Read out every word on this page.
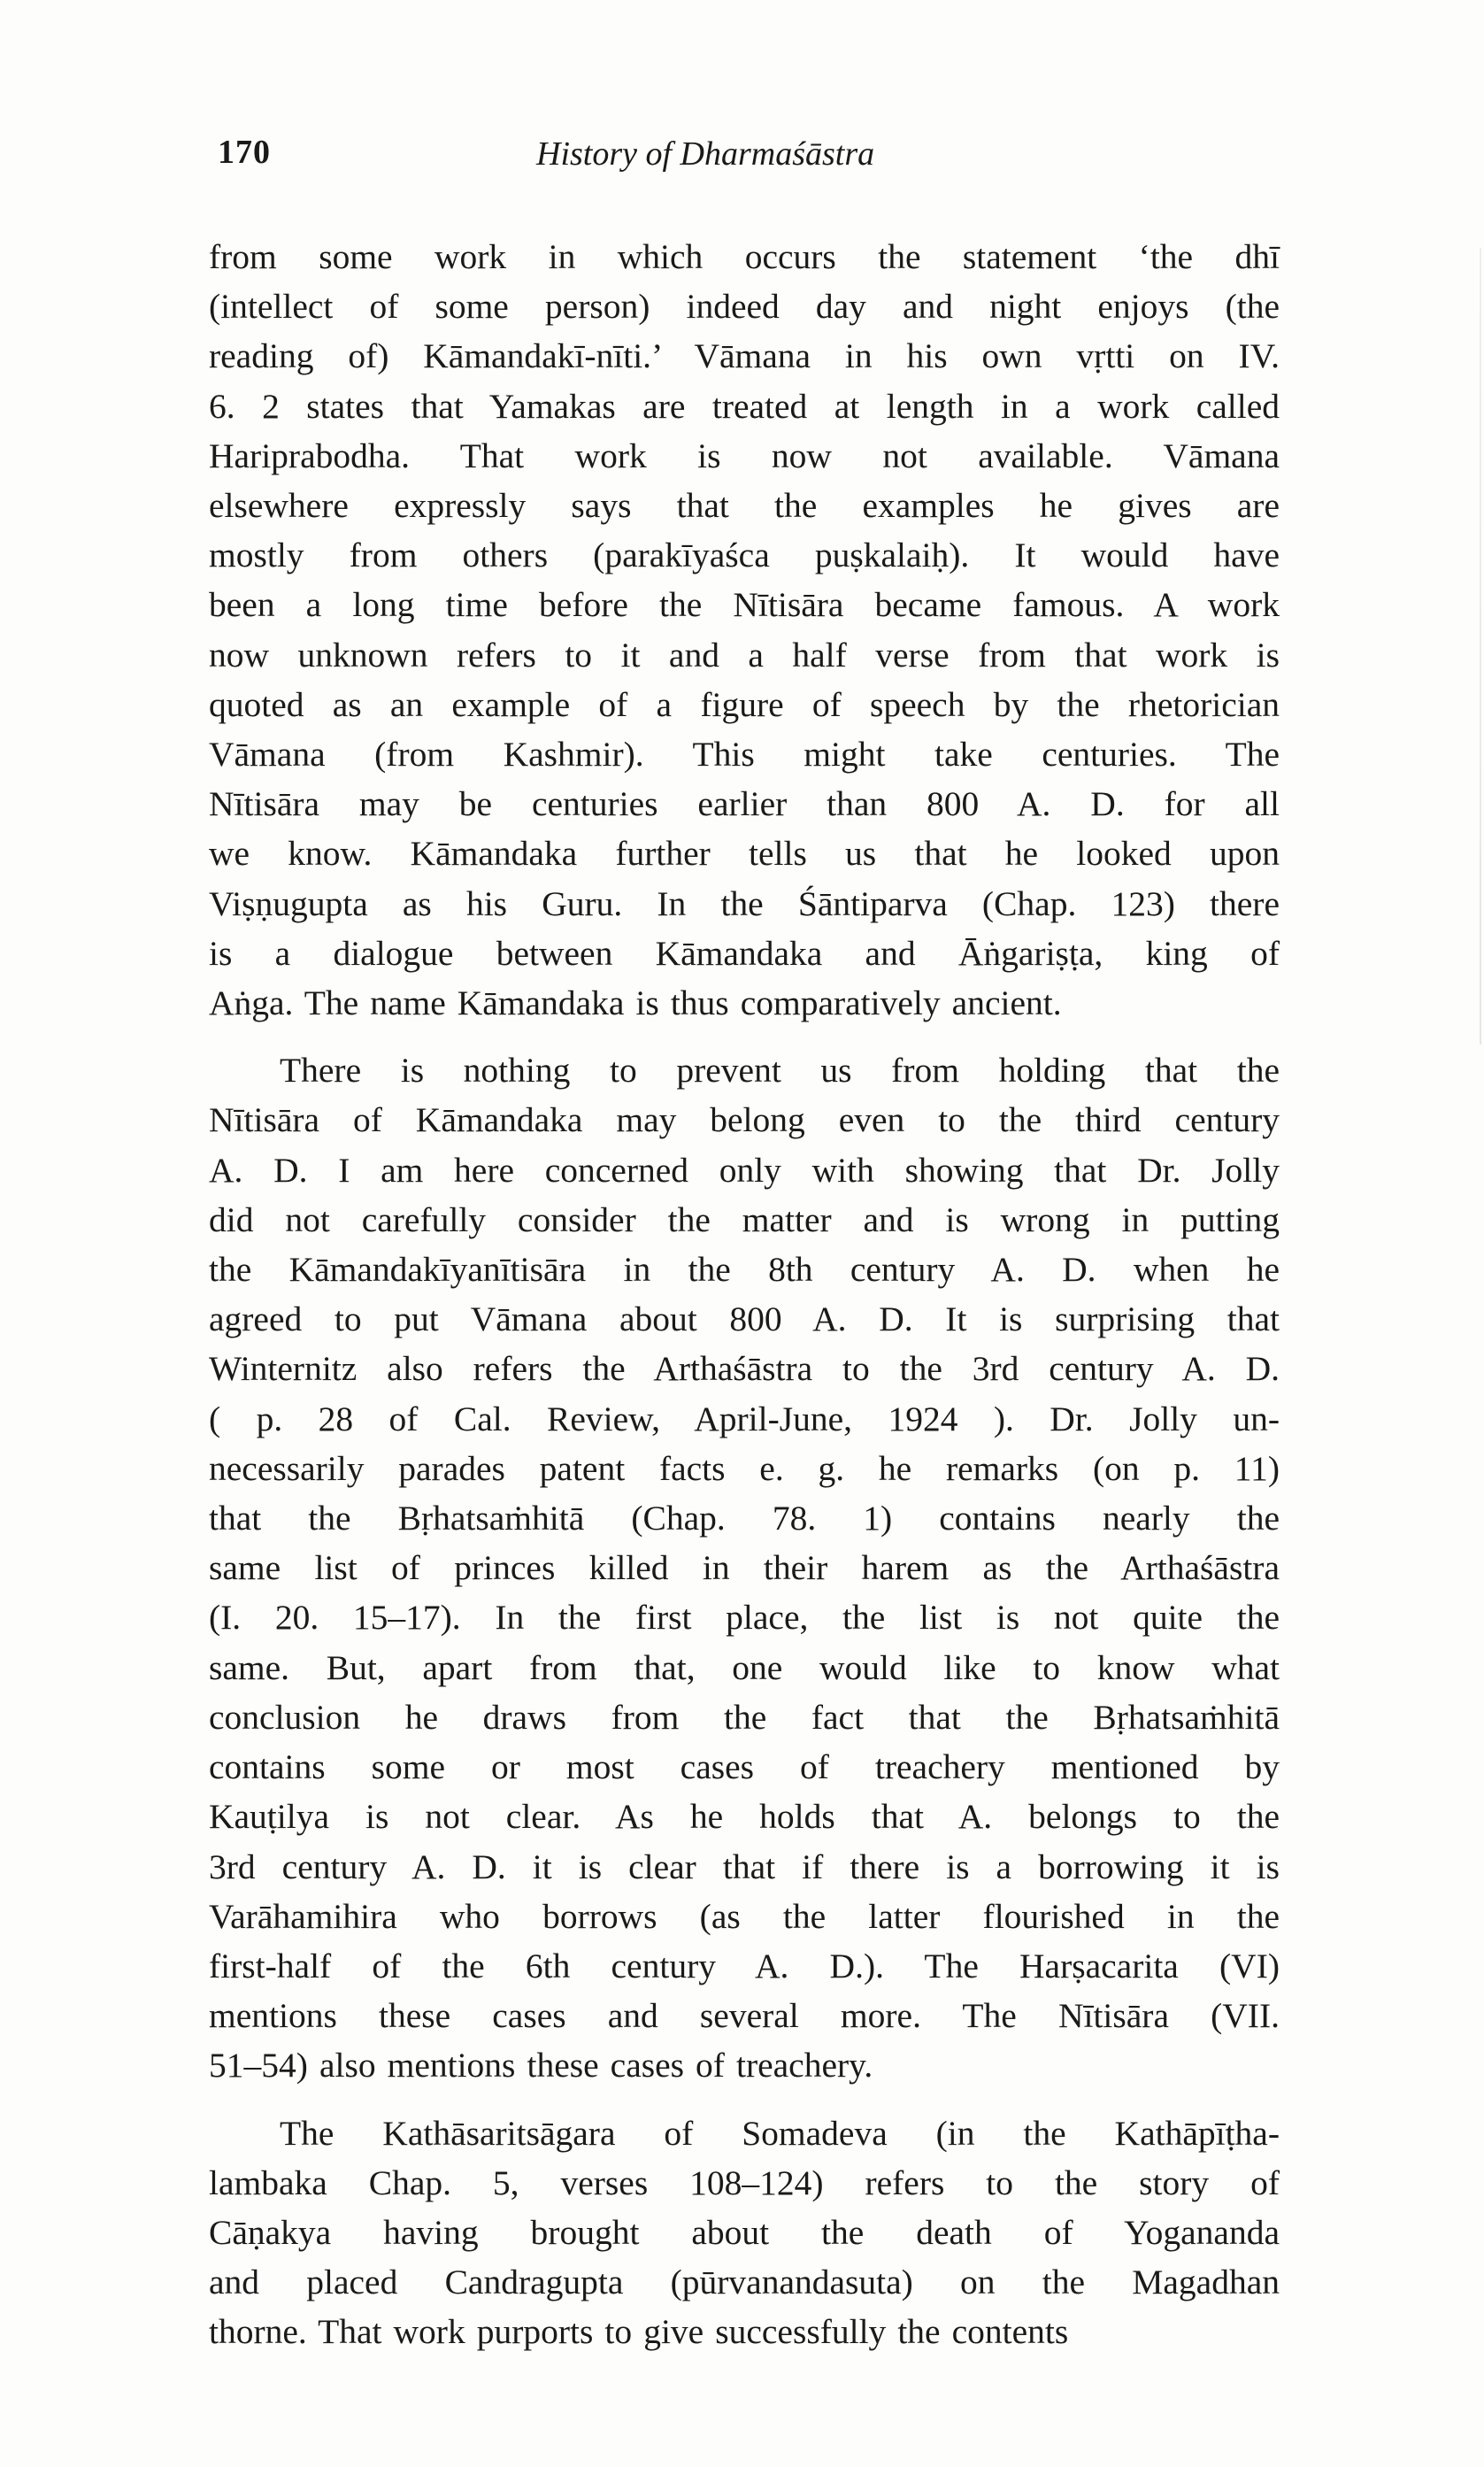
170	History of Dharmaśāstra
from some work in which occurs the statement ‘the dhī
(intellect of some person) indeed day and night enjoys (the
reading of) Kāmandakī-nīti.’ Vāmana in his own vṛtti on IV.
6. 2 states that Yamakas are treated at length in a work called
Hariprabodha. That work is now not available. Vāmana
elsewhere expressly says that the examples he gives are
mostly from others (parakīyaśca puṣkalaiḥ). It would have
been a long time before the Nītisāra became famous. A work
now unknown refers to it and a half verse from that work is
quoted as an example of a figure of speech by the rhetorician
Vāmana (from Kashmir). This might take centuries. The
Nītisāra may be centuries earlier than 800 A. D. for all
we know. Kāmandaka further tells us that he looked upon
Viṣṇugupta as his Guru. In the Śāntiparva (Chap. 123) there
is a dialogue between Kāmandaka and Āṅgariṣṭa, king of
Aṅga. The name Kāmandaka is thus comparatively ancient.
There is nothing to prevent us from holding that the
Nītisāra of Kāmandaka may belong even to the third century
A. D. I am here concerned only with showing that Dr. Jolly
did not carefully consider the matter and is wrong in putting
the Kāmandakīyanītisāra in the 8th century A. D. when he
agreed to put Vāmana about 800 A. D. It is surprising that
Winternitz also refers the Arthaśāstra to the 3rd century A. D.
( p. 28 of Cal. Review, April-June, 1924 ). Dr. Jolly un-
necessarily parades patent facts e. g. he remarks (on p. 11)
that the Bṛhatsaṁhitā (Chap. 78. 1) contains nearly the
same list of princes killed in their harem as the Arthaśāstra
(I. 20. 15–17). In the first place, the list is not quite the
same. But, apart from that, one would like to know what
conclusion he draws from the fact that the Bṛhatsaṁhitā
contains some or most cases of treachery mentioned by
Kauṭilya is not clear. As he holds that A. belongs to the
3rd century A. D. it is clear that if there is a borrowing it is
Varāhamihira who borrows (as the latter flourished in the
first-half of the 6th century A. D.). The Harṣacarita (VI)
mentions these cases and several more. The Nītisāra (VII.
51–54) also mentions these cases of treachery.
The Kathāsaritsāgara of Somadeva (in the Kathāpīṭha-
lambaka Chap. 5, verses 108–124) refers to the story of
Cāṇakya having brought about the death of Yogananda
and placed Candragupta (pūrvanandasuta) on the Magadhan
thorne. That work purports to give successfully the contents
